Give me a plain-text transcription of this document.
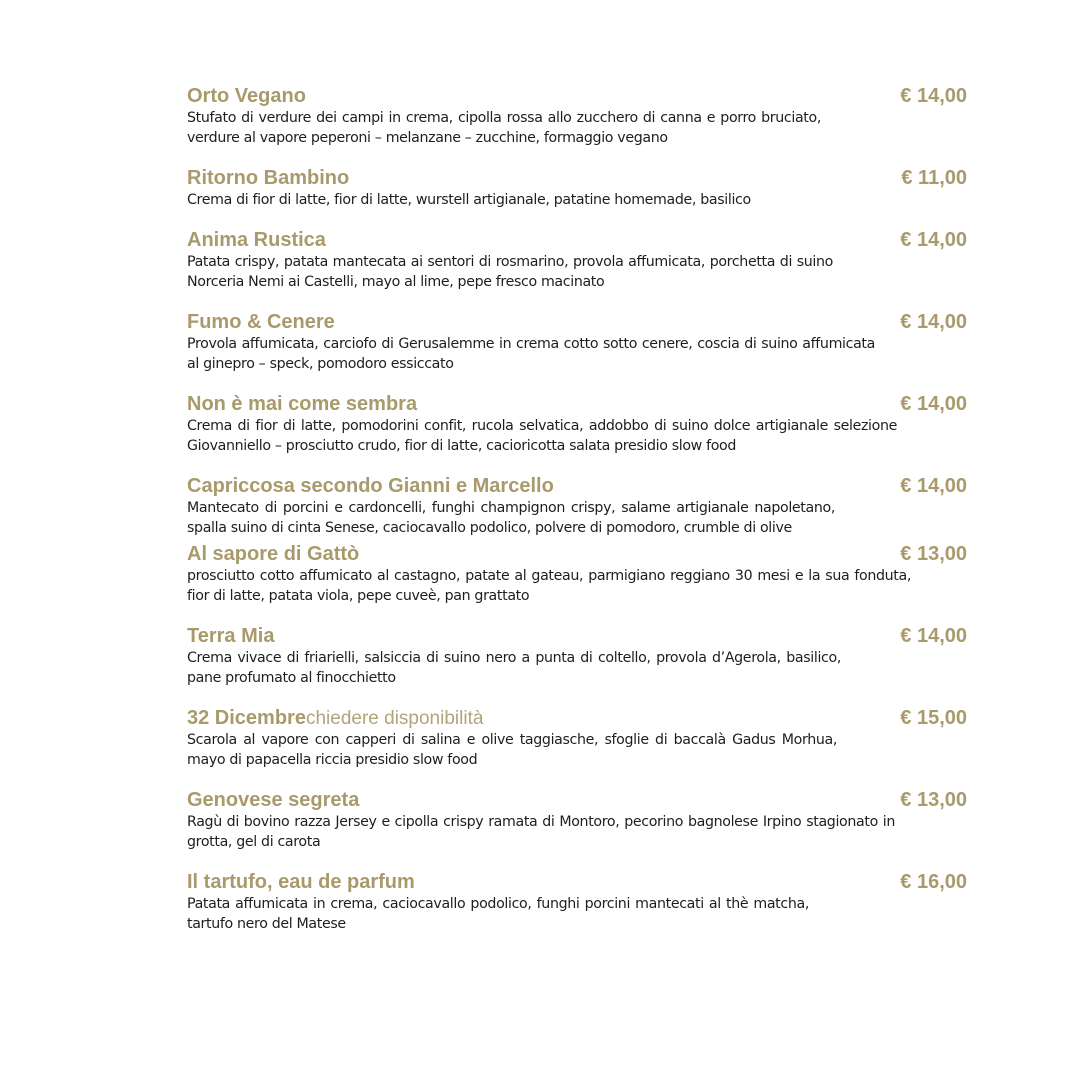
Orto Vegano	€ 14,00
Stufato di verdure dei campi in crema, cipolla rossa allo zucchero di canna e porro bruciato, verdure al vapore peperoni – melanzane – zucchine, formaggio vegano
Ritorno Bambino	€ 11,00
Crema di fior di latte, fior di latte, wurstell artigianale, patatine homemade, basilico
Anima Rustica	€ 14,00
Patata crispy, patata mantecata ai sentori di rosmarino, provola affumicata, porchetta di suino Norceria Nemi ai Castelli, mayo al lime, pepe fresco macinato
Fumo & Cenere	€ 14,00
Provola affumicata, carciofo di Gerusalemme in crema cotto sotto cenere, coscia di suino affumicata al ginepro – speck, pomodoro essiccato
Non è mai come sembra	€ 14,00
Crema di fior di latte, pomodorini confit, rucola selvatica, addobbo di suino dolce artigianale selezione Giovanniello – prosciutto crudo, fior di latte, cacioricotta salata presidio slow food
Capriccosa secondo Gianni e Marcello	€ 14,00
Mantecato di porcini e cardoncelli, funghi champignon crispy, salame artigianale napoletano, spalla suino di cinta Senese, caciocavallo podolico, polvere di pomodoro, crumble di olive
Al sapore di Gattò	€ 13,00
prosciutto cotto affumicato al castagno, patate al gateau, parmigiano reggiano 30 mesi e la sua fonduta, fior di latte, patata viola, pepe cuveè, pan grattato
Terra Mia	€ 14,00
Crema vivace di friarielli, salsiccia di suino nero a punta di coltello, provola d’Agerola, basilico, pane profumato al finocchietto
32 Dicembrechiedere disponibilità	€ 15,00
Scarola al vapore con capperi di salina e olive taggiasche, sfoglie di baccalà Gadus Morhua, mayo di papacella riccia presidio slow food
Genovese segreta	€ 13,00
Ragù di bovino razza Jersey e cipolla crispy ramata di Montoro, pecorino bagnolese Irpino stagionato in grotta, gel di carota
Il tartufo, eau de parfum	€ 16,00
Patata affumicata in crema, caciocavallo podolico, funghi porcini mantecati al thè matcha, tartufo nero del Matese
